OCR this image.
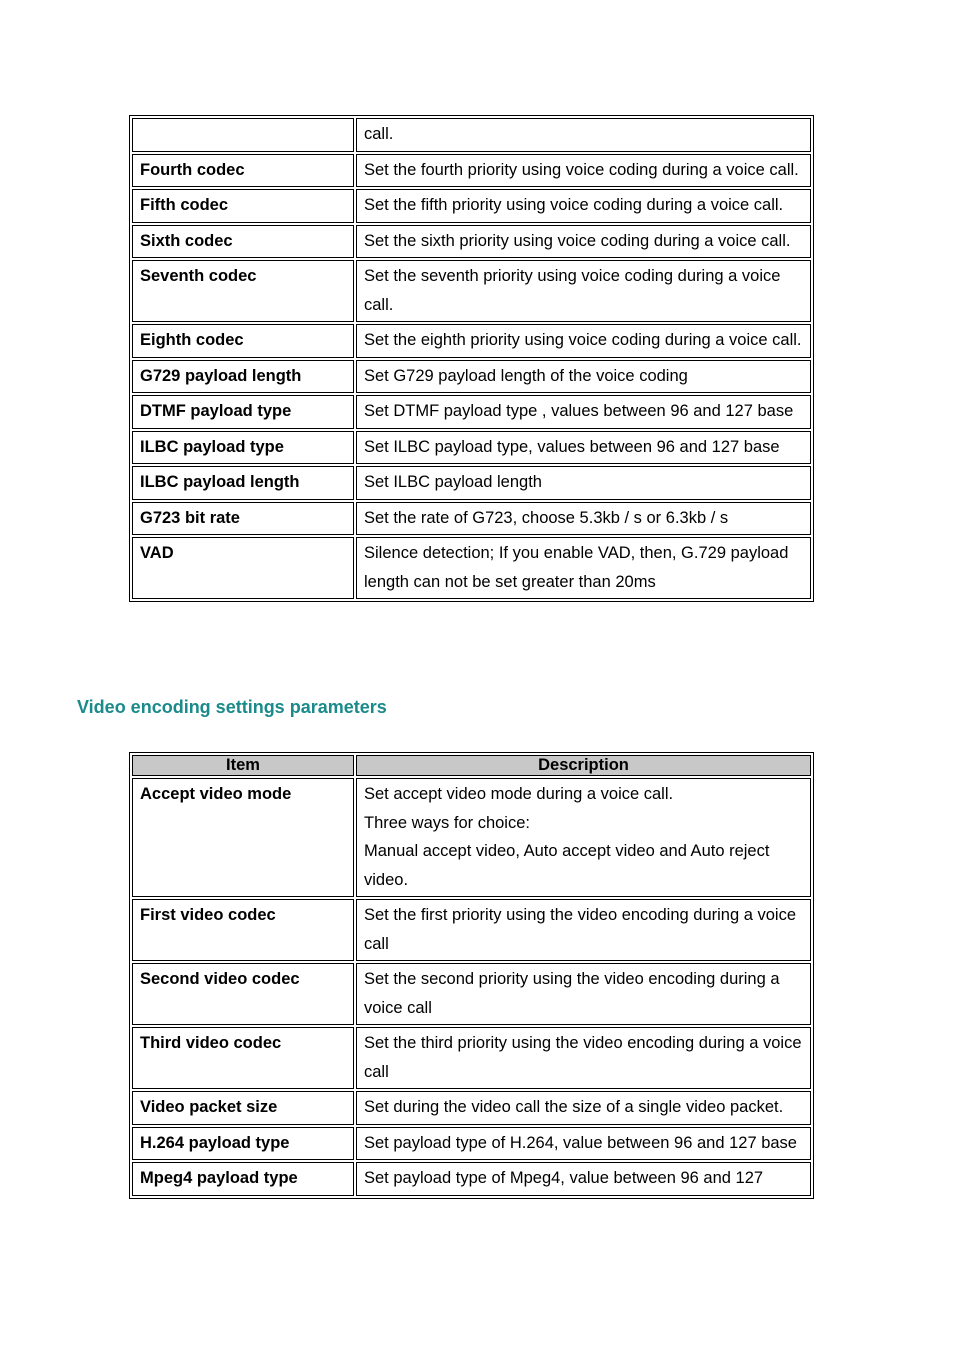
	call.
Fourth codec	Set the fourth priority using voice coding during a voice call.
Fifth codec	Set the fifth priority using voice coding during a voice call.
Sixth codec	Set the sixth priority using voice coding during a voice call.
Seventh codec	Set the seventh priority using voice coding during a voice call.
Eighth codec	Set the eighth priority using voice coding during a voice call.
G729 payload length	Set G729 payload length of the voice coding
DTMF payload type	Set DTMF payload type , values between 96 and 127 base
ILBC payload type	Set ILBC payload type, values between 96 and 127 base
ILBC payload length	Set ILBC payload length
G723 bit rate	Set the rate of G723, choose 5.3kb / s or 6.3kb / s
VAD	Silence detection; If you enable VAD, then, G.729 payload length can not be set greater than 20ms
Video encoding settings parameters
Item	Description
Accept video mode	Set accept video mode during a voice call.
Three ways for choice:
Manual accept video, Auto accept video and Auto reject video.

First video codec	Set the first priority using the video encoding during a voice call

Second video codec	Set the second priority using the video encoding during a voice call

Third video codec	Set the third priority using the video encoding during a voice call

Video packet size	Set during the video call the size of a single video packet.

H.264 payload type	Set payload type of H.264, value between 96 and 127 base

Mpeg4 payload type	Set payload type of Mpeg4, value between 96 and 127
